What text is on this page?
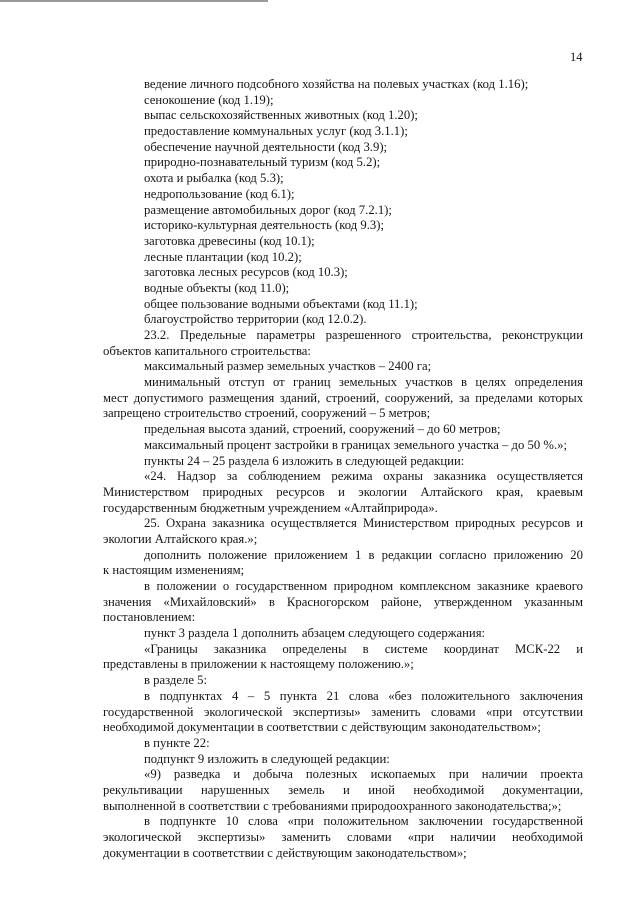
14
ведение личного подсобного хозяйства на полевых участках (код 1.16);
сенокошение (код 1.19);
выпас сельскохозяйственных животных (код 1.20);
предоставление коммунальных услуг (код 3.1.1);
обеспечение научной деятельности (код 3.9);
природно-познавательный туризм (код 5.2);
охота и рыбалка (код 5.3);
недропользование (код 6.1);
размещение автомобильных дорог (код 7.2.1);
историко-культурная деятельность (код 9.3);
заготовка древесины (код 10.1);
лесные плантации (код 10.2);
заготовка лесных ресурсов (код 10.3);
водные объекты (код 11.0);
общее пользование водными объектами (код 11.1);
благоустройство территории (код 12.0.2).
23.2. Предельные параметры разрешенного строительства, реконструкции
объектов капитального строительства:
максимальный размер земельных участков – 2400 га;
минимальный отступ от границ земельных участков в целях определения
мест допустимого размещения зданий, строений, сооружений, за пределами которых
запрещено строительство строений, сооружений – 5 метров;
предельная высота зданий, строений, сооружений – до 60 метров;
максимальный процент застройки в границах земельного участка – до 50 %.»;
пункты 24 – 25 раздела 6 изложить в следующей редакции:
«24. Надзор за соблюдением режима охраны заказника осуществляется
Министерством природных ресурсов и экологии Алтайского края, краевым
государственным бюджетным учреждением «Алтайприрода».
25. Охрана заказника осуществляется Министерством природных ресурсов и
экологии Алтайского края.»;
дополнить положение приложением 1 в редакции согласно приложению 20
к настоящим изменениям;
в положении о государственном природном комплексном заказнике краевого
значения «Михайловский» в Красногорском районе, утвержденном указанным
постановлением:
пункт 3 раздела 1 дополнить абзацем следующего содержания:
«Границы заказника определены в системе координат МСК-22 и
представлены в приложении к настоящему положению.»;
в разделе 5:
в подпунктах 4 – 5 пункта 21 слова «без положительного заключения
государственной экологической экспертизы» заменить словами «при отсутствии
необходимой документации в соответствии с действующим законодательством»;
в пункте 22:
подпункт 9 изложить в следующей редакции:
«9) разведка и добыча полезных ископаемых при наличии проекта
рекультивации нарушенных земель и иной необходимой документации,
выполненной в соответствии с требованиями природоохранного законодательства;»;
в подпункте 10 слова «при положительном заключении государственной
экологической экспертизы» заменить словами «при наличии необходимой
документации в соответствии с действующим законодательством»;
